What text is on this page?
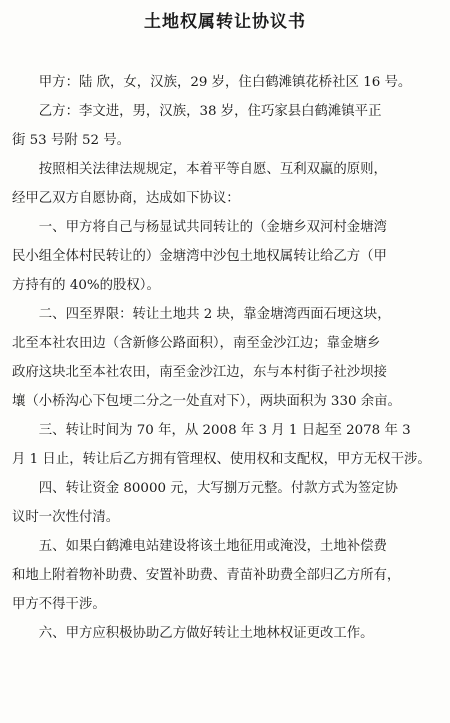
土地权属转让协议书
甲方：陆 欣，女，汉族，29 岁，住白鹤滩镇花桥社区 16 号。
乙方：李文进，男，汉族，38 岁，住巧家县白鹤滩镇平正
街 53 号附 52 号。
按照相关法律法规规定，本着平等自愿、互利双赢的原则，
经甲乙双方自愿协商，达成如下协议：
一、甲方将自己与杨显试共同转让的（金塘乡双河村金塘湾
民小组全体村民转让的）金塘湾中沙包土地权属转让给乙方（甲
方持有的 40%的股权）。
二、四至界限：转让土地共 2 块，靠金塘湾西面石埂这块，
北至本社农田边（含新修公路面积），南至金沙江边；靠金塘乡
政府这块北至本社农田，南至金沙江边，东与本村街子社沙坝接
壤（小桥沟心下包埂二分之一处直对下），两块面积为 330 余亩。
三、转让时间为 70 年，从 2008 年 3 月 1 日起至 2078 年 3
月 1 日止，转让后乙方拥有管理权、使用权和支配权，甲方无权干涉。
四、转让资金 80000 元，大写捌万元整。付款方式为签定协
议时一次性付清。
五、如果白鹤滩电站建设将该土地征用或淹没，土地补偿费
和地上附着物补助费、安置补助费、青苗补助费全部归乙方所有，
甲方不得干涉。
六、甲方应积极协助乙方做好转让土地林权证更改工作。
